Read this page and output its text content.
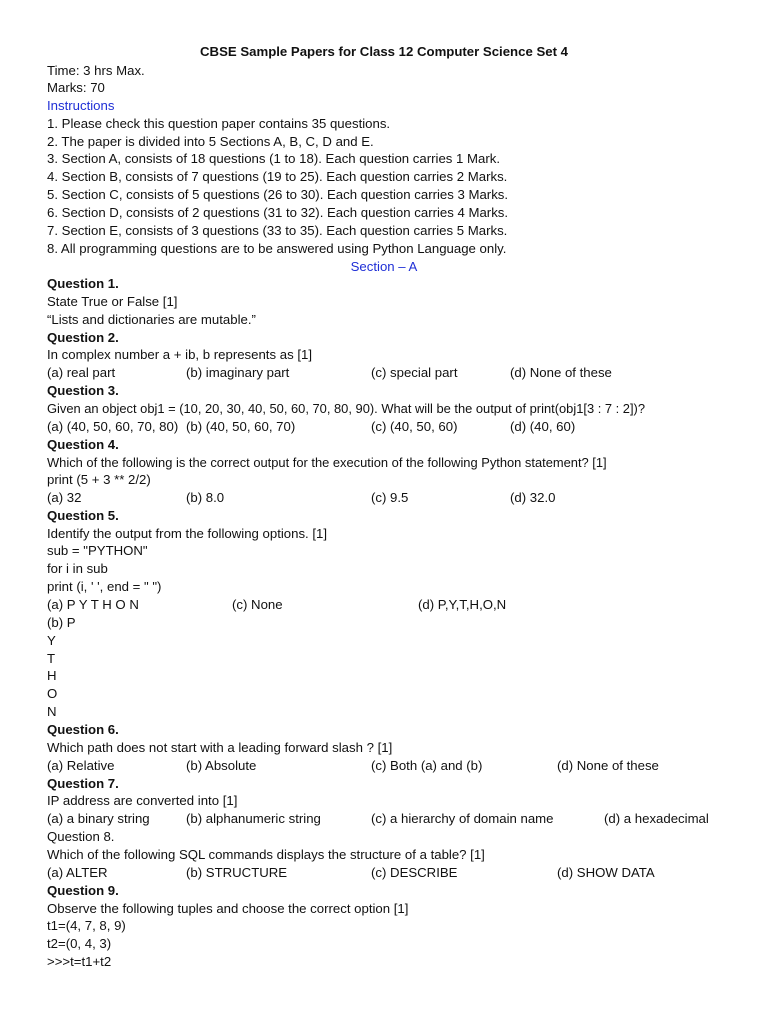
CBSE Sample Papers for Class 12 Computer Science Set 4
Time: 3 hrs Max.
Marks: 70
Instructions
1. Please check this question paper contains 35 questions.
2. The paper is divided into 5 Sections A, B, C, D and E.
3. Section A, consists of 18 questions (1 to 18). Each question carries 1 Mark.
4. Section B, consists of 7 questions (19 to 25). Each question carries 2 Marks.
5. Section C, consists of 5 questions (26 to 30). Each question carries 3 Marks.
6. Section D, consists of 2 questions (31 to 32). Each question carries 4 Marks.
7. Section E, consists of 3 questions (33 to 35). Each question carries 5 Marks.
8. All programming questions are to be answered using Python Language only.
Section – A
Question 1.
State True or False [1]
“Lists and dictionaries are mutable.”
Question 2.
In complex number a + ib, b represents as [1]
(a) real part	(b) imaginary part	(c) special part	(d) None of these
Question 3.
Given an object obj1 = (10, 20, 30, 40, 50, 60, 70, 80, 90). What will be the output of print(obj1[3 : 7 : 2])?
(a) (40, 50, 60, 70, 80) (b) (40, 50, 60, 70)	(c) (40, 50, 60)	(d) (40, 60)
Question 4.
Which of the following is the correct output for the execution of the following Python statement? [1]
print (5 + 3 ** 2/2)
(a) 32	(b) 8.0	(c) 9.5	(d) 32.0
Question 5.
Identify the output from the following options. [1]
sub = "PYTHON"
for i in sub
print (i, ' ', end = " ")
(a) P Y T H O N	(c) None	(d) P,Y,T,H,O,N
(b) P
Y
T
H
O
N
Question 6.
Which path does not start with a leading forward slash ? [1]
(a) Relative	(b) Absolute	(c) Both (a) and (b)	(d) None of these
Question 7.
IP address are converted into [1]
(a) a binary string	(b) alphanumeric string	(c) a hierarchy of domain name	(d) a hexadecimal
Question 8.
Which of the following SQL commands displays the structure of a table? [1]
(a) ALTER	(b) STRUCTURE	(c) DESCRIBE	(d) SHOW DATA
Question 9.
Observe the following tuples and choose the correct option [1]
t1=(4, 7, 8, 9)
t2=(0, 4, 3)
>>>t=t1+t2
